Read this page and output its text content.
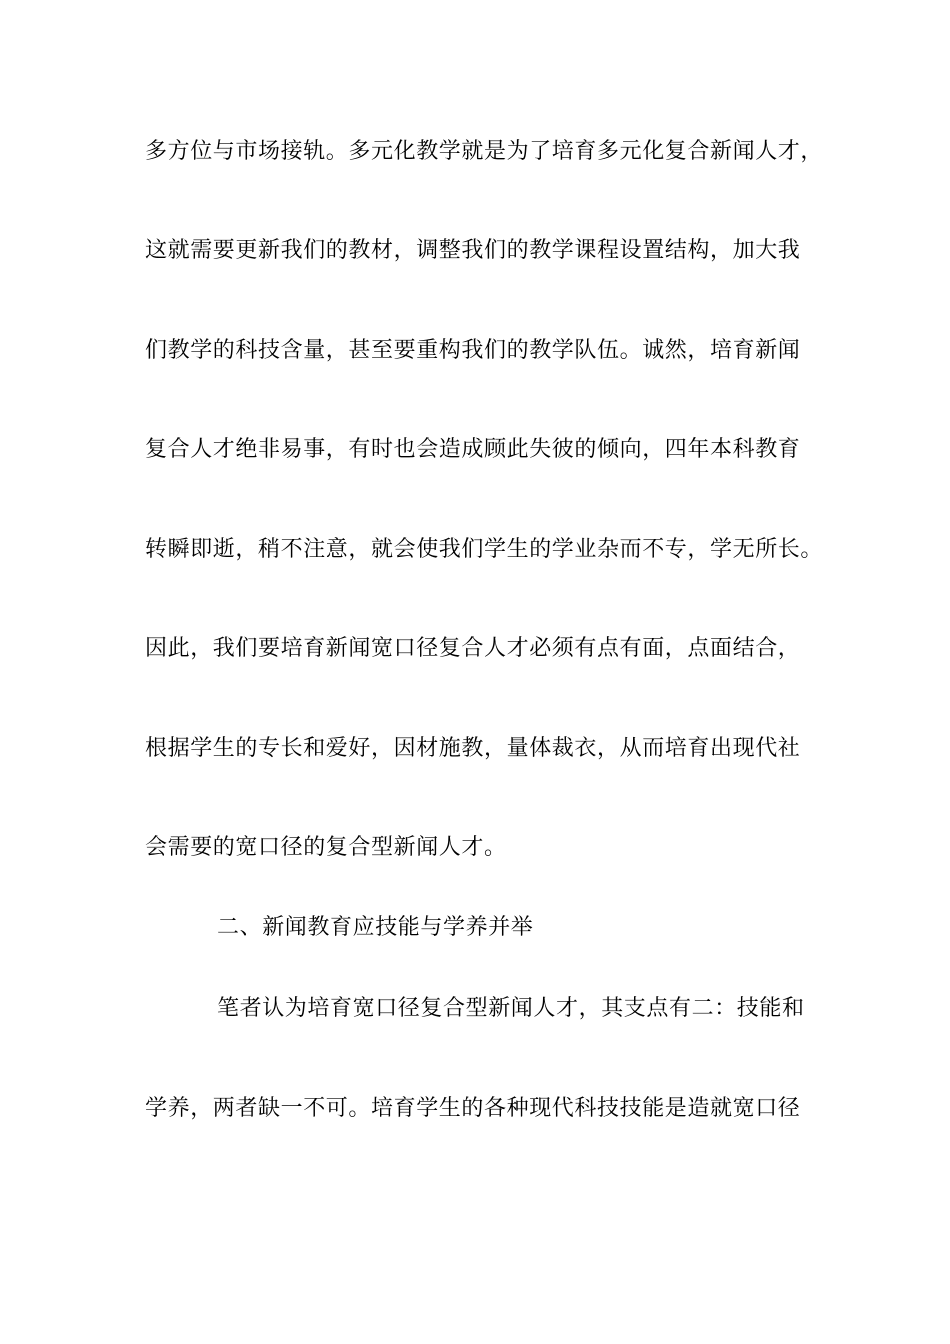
多方位与市场接轨。多元化教学就是为了培育多元化复合新闻人才，
这就需要更新我们的教材，调整我们的教学课程设置结构，加大我
们教学的科技含量，甚至要重构我们的教学队伍。诚然，培育新闻
复合人才绝非易事，有时也会造成顾此失彼的倾向，四年本科教育
转瞬即逝，稍不注意，就会使我们学生的学业杂而不专，学无所长。
因此，我们要培育新闻宽口径复合人才必须有点有面，点面结合，
根据学生的专长和爱好，因材施教，量体裁衣，从而培育出现代社
会需要的宽口径的复合型新闻人才。
二、新闻教育应技能与学养并举
笔者认为培育宽口径复合型新闻人才，其支点有二：技能和
学养，两者缺一不可。培育学生的各种现代科技技能是造就宽口径
